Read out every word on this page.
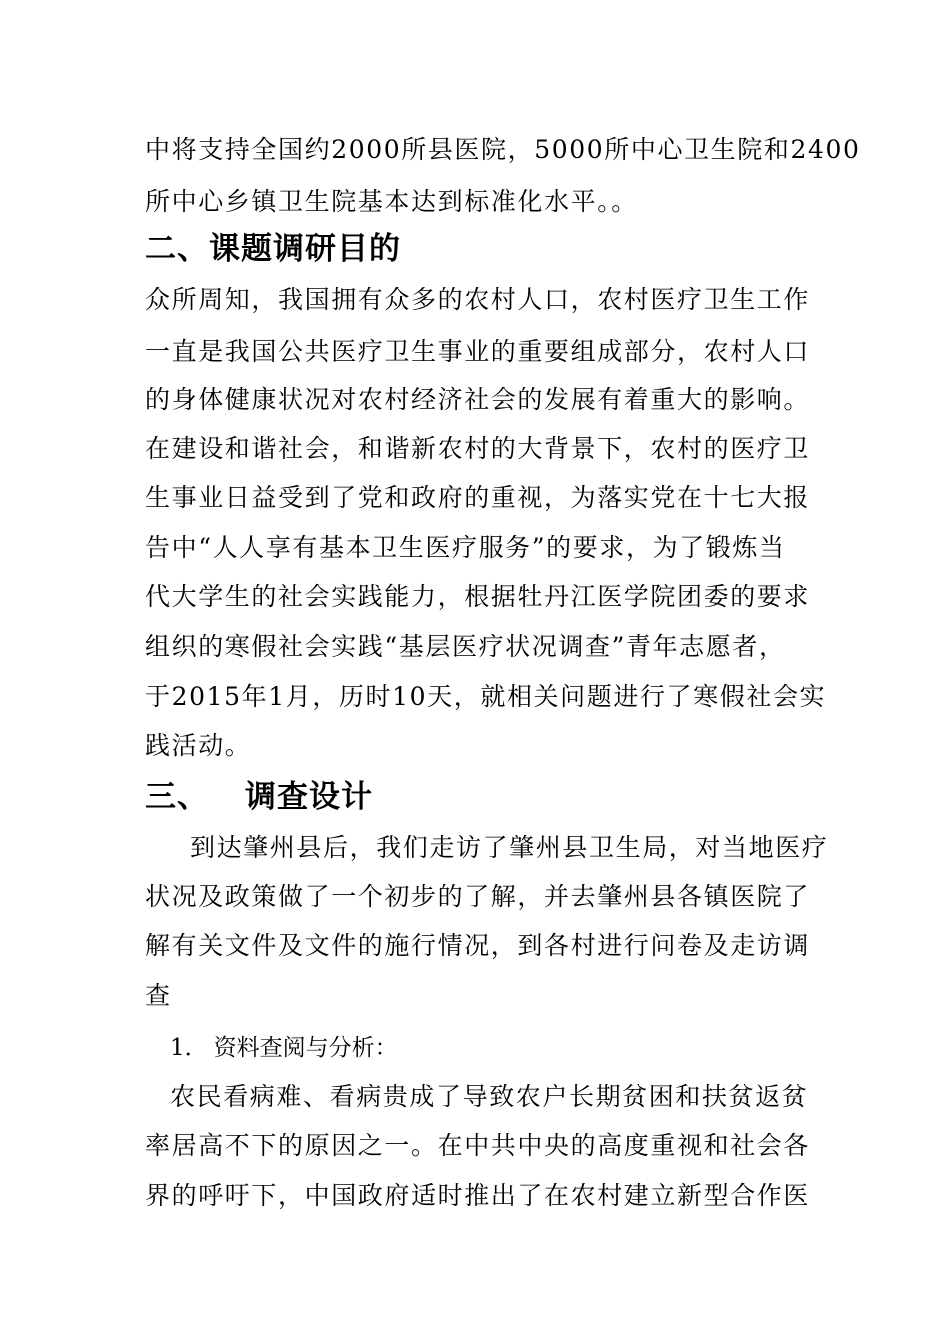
中将支持全国约2000所县医院，5000所中心卫生院和2400
所中心乡镇卫生院基本达到标准化水平。。
二、课题调研目的
众所周知，我国拥有众多的农村人口，农村医疗卫生工作
一直是我国公共医疗卫生事业的重要组成部分，农村人口
的身体健康状况对农村经济社会的发展有着重大的影响。
在建设和谐社会，和谐新农村的大背景下，农村的医疗卫
生事业日益受到了党和政府的重视，为落实党在十七大报
告中“人人享有基本卫生医疗服务”的要求，为了锻炼当
代大学生的社会实践能力，根据牡丹江医学院团委的要求
组织的寒假社会实践“基层医疗状况调查”青年志愿者，
于2015年1月，历时10天，就相关问题进行了寒假社会实
践活动。
三、 调查设计
到达肇州县后，我们走访了肇州县卫生局，对当地医疗
状况及政策做了一个初步的了解，并去肇州县各镇医院了
解有关文件及文件的施行情况，到各村进行问卷及走访调
查
1． 资料查阅与分析：
农民看病难、看病贵成了导致农户长期贫困和扶贫返贫
率居高不下的原因之一。在中共中央的高度重视和社会各
界的呼吁下，中国政府适时推出了在农村建立新型合作医
